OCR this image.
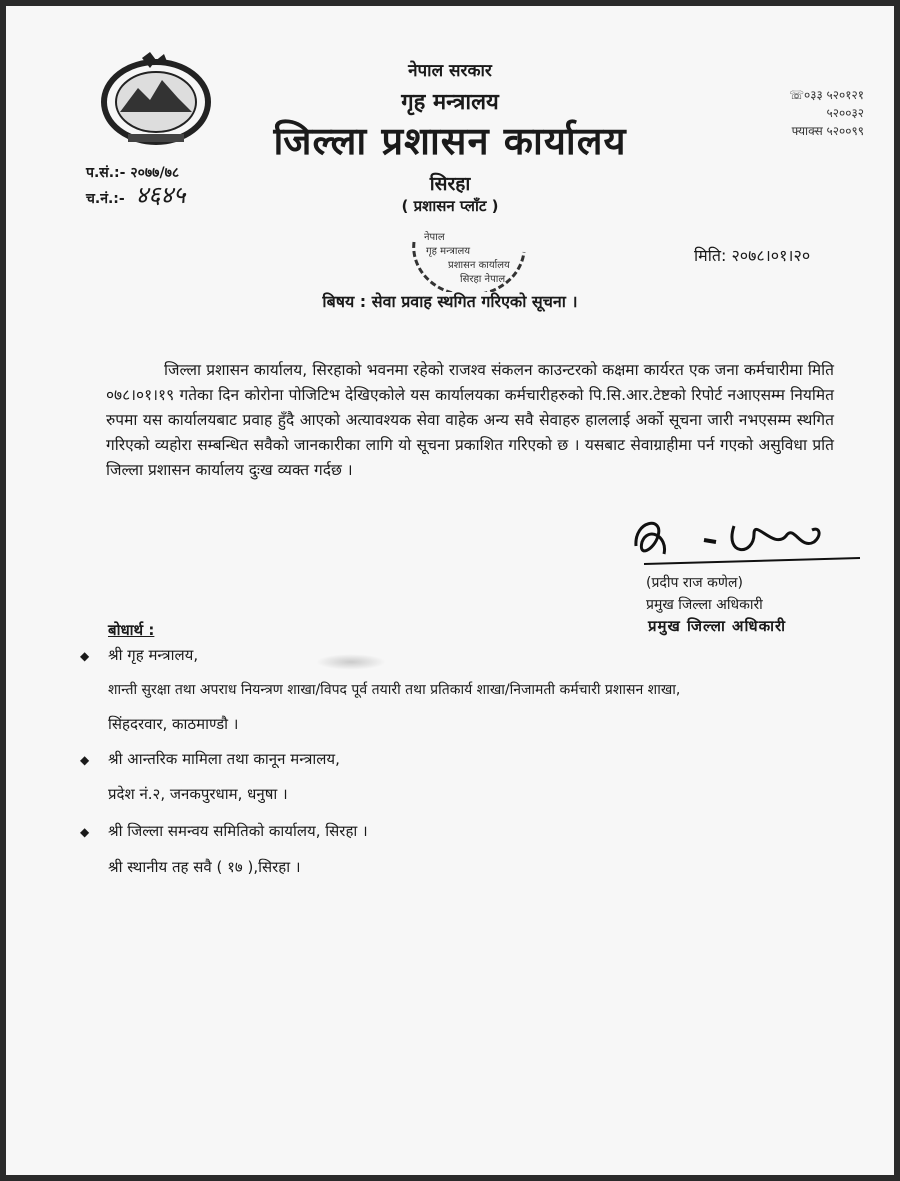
नेपाल सरकार
गृह मन्त्रालय
जिल्ला प्रशासन कार्यालय
☏०३३ ५२०१२१
५२००३२
फ्याक्स ५२००९९
प.सं.:- २०७७/७८
च.नं.:- ४६४५	सिरहा
( प्रशासन प्लाँट )
नेपाल
गृह मन्त्रालय
प्रशासन कार्यालय
सिरहा नेपाल
मिति: २०७८।०१।२०
बिषय : सेवा प्रवाह स्थगित गरिएको सूचना ।
जिल्ला प्रशासन कार्यालय, सिरहाको भवनमा रहेको राजश्व संकलन काउन्टरको कक्षमा कार्यरत एक जना कर्मचारीमा मिति ०७८।०१।१९ गतेका दिन कोरोना पोजिटिभ देखिएकोले यस कार्यालयका कर्मचारीहरुको पि.सि.आर.टेष्टको रिपोर्ट नआएसम्म नियमित रुपमा यस कार्यालयबाट प्रवाह हुँदै आएको अत्यावश्यक सेवा वाहेक अन्य सवै सेवाहरु हाललाई अर्को सूचना जारी नभएसम्म स्थगित गरिएको व्यहोरा सम्बन्धित सवैको जानकारीका लागि यो सूचना प्रकाशित गरिएको छ । यसबाट सेवाग्राहीमा पर्न गएको असुविधा प्रति जिल्ला प्रशासन कार्यालय दुःख व्यक्त गर्दछ ।
(प्रदीप राज कणेल)
प्रमुख जिल्ला अधिकारी
प्रमुख जिल्ला अधिकारी
बोधार्थ :
◆ श्री गृह मन्त्रालय,
शान्ती सुरक्षा तथा अपराध नियन्त्रण शाखा/विपद पूर्व तयारी तथा प्रतिकार्य शाखा/निजामती कर्मचारी प्रशासन शाखा,
सिंहदरवार, काठमाण्डौ ।
◆ श्री आन्तरिक मामिला तथा कानून मन्त्रालय,
प्रदेश नं.२, जनकपुरधाम, धनुषा ।
◆ श्री जिल्ला समन्वय समितिको कार्यालय, सिरहा ।
श्री स्थानीय तह सवै ( १७ ),सिरहा ।
